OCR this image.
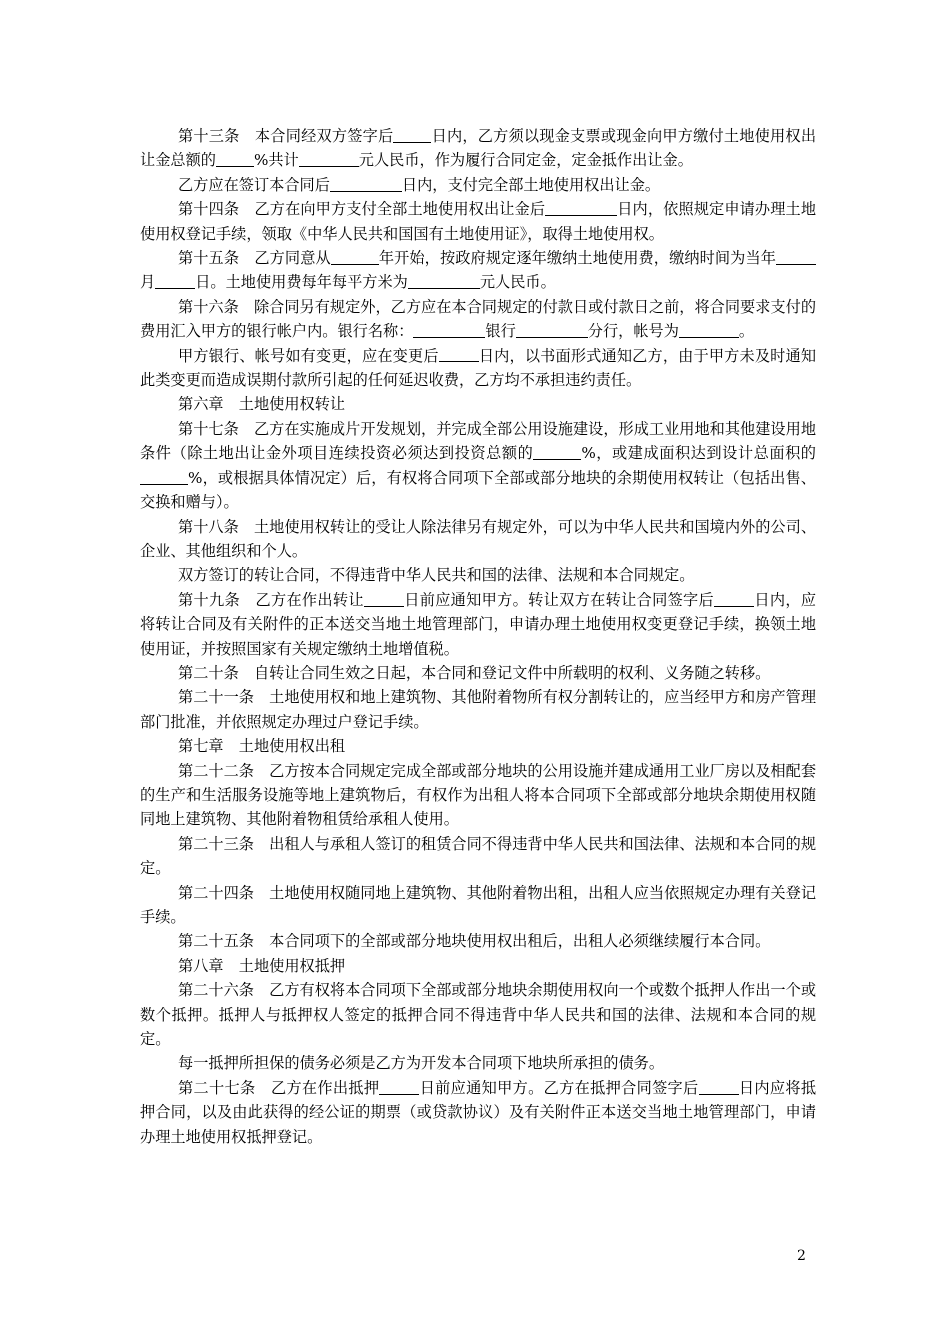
第十三条　本合同经双方签字后	日内，乙方须以现金支票或现金向甲方缴付土地使用权出让金总额的	%共计	元人民币，作为履行合同定金，定金抵作出让金。

乙方应在签订本合同后	日内，支付完全部土地使用权出让金。

第十四条　乙方在向甲方支付全部土地使用权出让金后	日内，依照规定申请办理土地使用权登记手续，领取《中华人民共和国国有土地使用证》，取得土地使用权。

第十五条　乙方同意从	年开始，按政府规定逐年缴纳土地使用费，缴纳时间为当年月	日。土地使用费每年每平方米为	元人民币。

第十六条　除合同另有规定外，乙方应在本合同规定的付款日或付款日之前，将合同要求支付的费用汇入甲方的银行帐户内。银行名称：	银行	分行，帐号为	。

甲方银行、帐号如有变更，应在变更后	日内，以书面形式通知乙方，由于甲方未及时通知此类变更而造成误期付款所引起的任何延迟收费，乙方均不承担违约责任。

第六章　土地使用权转让

第十七条　乙方在实施成片开发规划，并完成全部公用设施建设，形成工业用地和其他建设用地条件（除土地出让金外项目连续投资必须达到投资总额的	%，或建成面积达到设计总面积的%，或根据具体情况定）后，有权将合同项下全部或部分地块的余期使用权转让（包括出售、交换和赠与）。

第十八条　土地使用权转让的受让人除法律另有规定外，可以为中华人民共和国境内外的公司、企业、其他组织和个人。

双方签订的转让合同，不得违背中华人民共和国的法律、法规和本合同规定。

第十九条　乙方在作出转让	日前应通知甲方。转让双方在转让合同签字后	日内，应将转让合同及有关附件的正本送交当地土地管理部门，申请办理土地使用权变更登记手续，换领土地使用证，并按照国家有关规定缴纳土地增值税。

第二十条　自转让合同生效之日起，本合同和登记文件中所载明的权利、义务随之转移。

第二十一条　土地使用权和地上建筑物、其他附着物所有权分割转让的，应当经甲方和房产管理部门批准，并依照规定办理过户登记手续。

第七章　土地使用权出租

第二十二条　乙方按本合同规定完成全部或部分地块的公用设施并建成通用工业厂房以及相配套的生产和生活服务设施等地上建筑物后，有权作为出租人将本合同项下全部或部分地块余期使用权随同地上建筑物、其他附着物租赁给承租人使用。

第二十三条　出租人与承租人签订的租赁合同不得违背中华人民共和国法律、法规和本合同的规定。

第二十四条　土地使用权随同地上建筑物、其他附着物出租，出租人应当依照规定办理有关登记手续。

第二十五条　本合同项下的全部或部分地块使用权出租后，出租人必须继续履行本合同。

第八章　土地使用权抵押

第二十六条　乙方有权将本合同项下全部或部分地块余期使用权向一个或数个抵押人作出一个或数个抵押。抵押人与抵押权人签定的抵押合同不得违背中华人民共和国的法律、法规和本合同的规定。

每一抵押所担保的债务必须是乙方为开发本合同项下地块所承担的债务。

第二十七条　乙方在作出抵押	日前应通知甲方。乙方在抵押合同签字后	日内应将抵押合同，以及由此获得的经公证的期票（或贷款协议）及有关附件正本送交当地土地管理部门，申请办理土地使用权抵押登记。

2
